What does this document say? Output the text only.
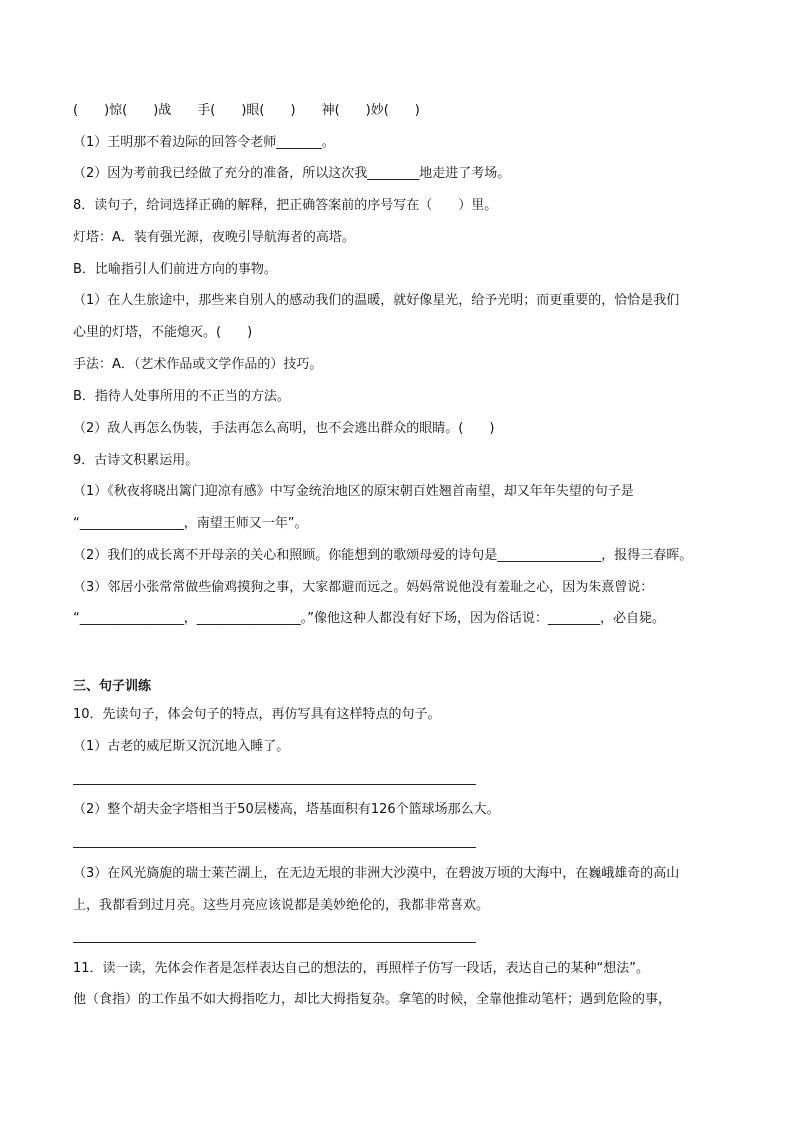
(　　)惊(　　)战　　手(　　)眼(　　)　　神(　　)妙(　　)
（1）王明那不着边际的回答令老师_______。
（2）因为考前我已经做了充分的准备，所以这次我________地走进了考场。
8．读句子，给词选择正确的解释，把正确答案前的序号写在（　　）里。
灯塔：A．装有强光源，夜晚引导航海者的高塔。
B．比喻指引人们前进方向的事物。
（1）在人生旅途中，那些来自别人的感动我们的温暖，就好像星光，给予光明；而更重要的，恰恰是我们
心里的灯塔，不能熄灭。(　　)
手法：A．（艺术作品或文学作品的）技巧。
B．指待人处事所用的不正当的方法。
（2）敌人再怎么伪装，手法再怎么高明，也不会逃出群众的眼睛。(　　)
9．古诗文积累运用。
（1）《秋夜将晓出篱门迎凉有感》中写金统治地区的原宋朝百姓翘首南望，却又年年失望的句子是
“________________，南望王师又一年”。
（2）我们的成长离不开母亲的关心和照顾。你能想到的歌颂母爱的诗句是________________，报得三春晖。
（3）邻居小张常常做些偷鸡摸狗之事，大家都避而远之。妈妈常说他没有羞耻之心，因为朱熹曾说：
“________________，________________。”像他这种人都没有好下场，因为俗话说：________，必自毙。
三、句子训练
10．先读句子，体会句子的特点，再仿写具有这样特点的句子。
（1）古老的威尼斯又沉沉地入睡了。
（2）整个胡夫金字塔相当于50层楼高，塔基面积有126个篮球场那么大。
（3）在风光旖旎的瑞士莱芒湖上，在无边无垠的非洲大沙漠中，在碧波万顷的大海中，在巍峨雄奇的高山
上，我都看到过月亮。这些月亮应该说都是美妙绝伦的，我都非常喜欢。
11．读一读，先体会作者是怎样表达自己的想法的，再照样子仿写一段话，表达自己的某种“想法”。
他（食指）的工作虽不如大拇指吃力，却比大拇指复杂。拿笔的时候，全靠他推动笔杆；遇到危险的事，
